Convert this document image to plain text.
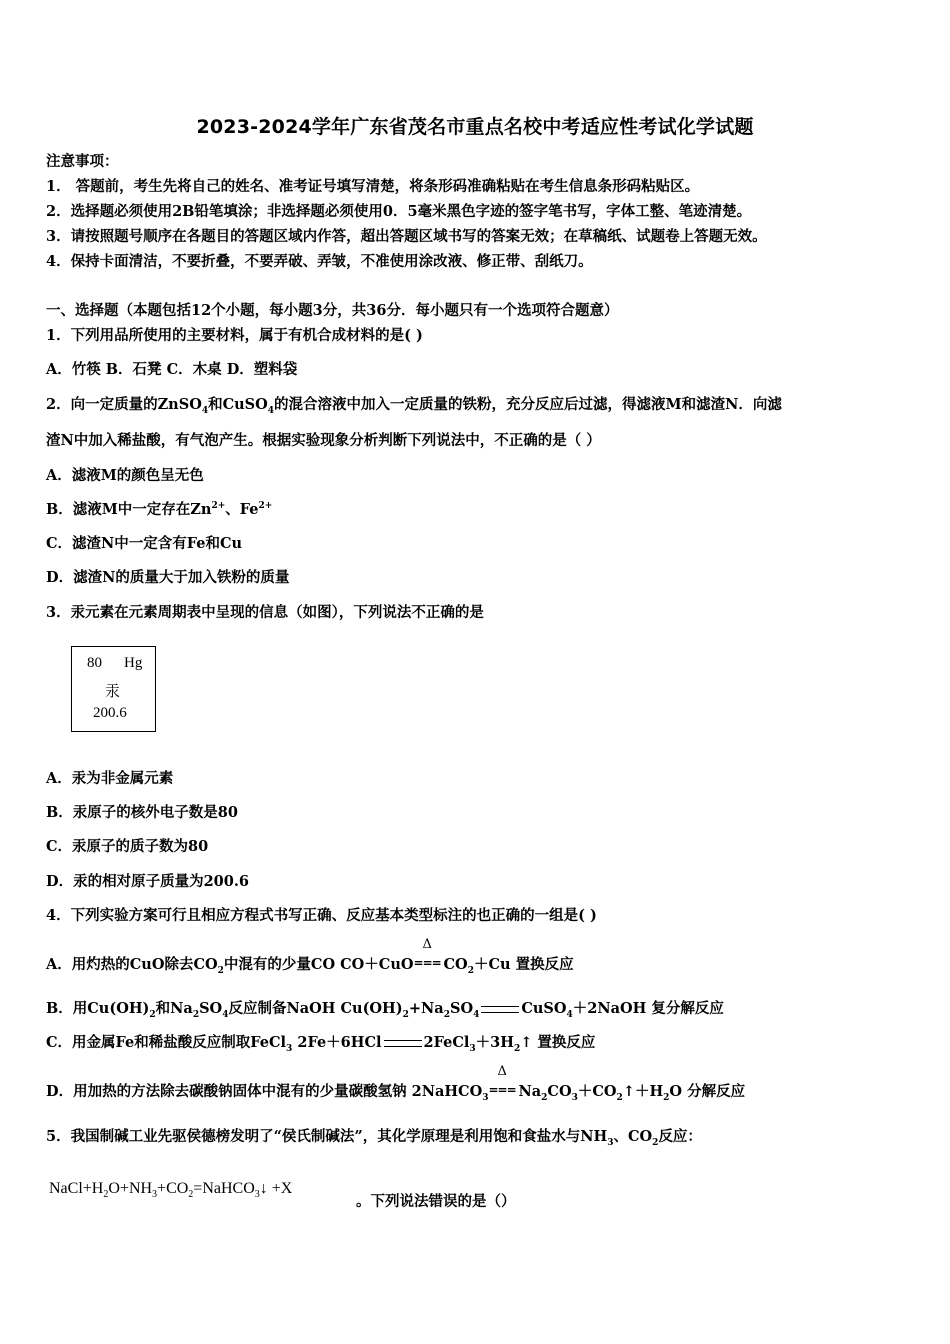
2023-2024学年广东省茂名市重点名校中考适应性考试化学试题
注意事项：
1． 答题前，考生先将自己的姓名、准考证号填写清楚，将条形码准确粘贴在考生信息条形码粘贴区。
2．选择题必须使用2B铅笔填涂；非选择题必须使用0．5毫米黑色字迹的签字笔书写，字体工整、笔迹清楚。
3．请按照题号顺序在各题目的答题区域内作答，超出答题区域书写的答案无效；在草稿纸、试题卷上答题无效。
4．保持卡面清洁，不要折叠，不要弄破、弄皱，不准使用涂改液、修正带、刮纸刀。
一、选择题（本题包括12个小题，每小题3分，共36分．每小题只有一个选项符合题意）
1．下列用品所使用的主要材料，属于有机合成材料的是( )
A．竹筷 B．石凳 C．木桌 D．塑料袋
2．向一定质量的ZnSO$_4$和CuSO$_4$的混合溶液中加入一定质量的铁粉，充分反应后过滤，得滤液M和滤渣N．向滤
渣N中加入稀盐酸，有气泡产生。根据实验现象分析判断下列说法中，不正确的是（ ）
A．滤液M的颜色呈无色
B．滤液M中一定存在$Zn^{2+}$、$Fe^{2+}$
C．滤渣N中一定含有Fe和Cu
D．滤渣N的质量大于加入铁粉的质量
3．汞元素在元素周期表中呈现的信息（如图），下列说法不正确的是
80 Hg
汞
200.6
A．汞为非金属元素
B．汞原子的核外电子数是80
C．汞原子的质子数为80
D．汞的相对原子质量为200.6
4．下列实验方案可行且相应方程式书写正确、反应基本类型标注的也正确的一组是( )
A．用灼热的CuO除去$CO_2$中混有的少量CO CO＋CuO
Δ
=== $CO_2+Cu$ 置换反应
B．用$Cu(OH)_2$和$Na_2SO_4$反应制备NaOH $Cu(OH)_2+Na_2SO_4$	CuSO$_4$＋2NaOH 复分解反应
C．用金属Fe和稀盐酸反应制取FeCl$_3$ 2Fe＋6HCl	$2FeCl_3+3H_2↑$ 置换反应
D．用加热的方法除去碳酸钠固体中混有的少量碳酸氢钠 2NaHCO$_3$
Δ
=== $Na_2CO_3+CO_2↑+H_2O$ 分解反应
5．我国制碱工业先驱侯德榜发明了“侯氏制碱法”，其化学原理是利用饱和食盐水与$NH_3$、$CO_2$反应：
$NaCl+H_2O+NH_3+CO_2=NaHCO_3↓ +X$
。下列说法错误的是（）
